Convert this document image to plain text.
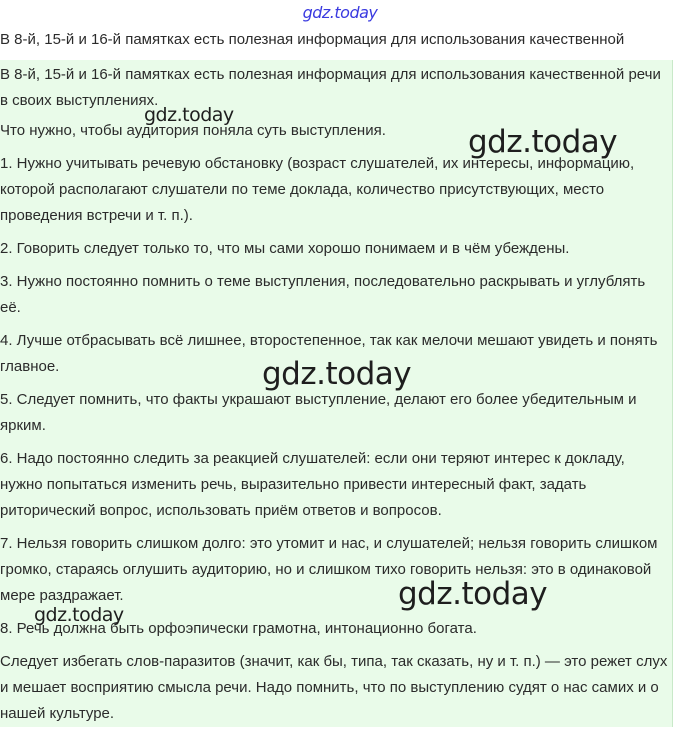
gdz.today
В 8-й, 15-й и 16-й памятках есть полезная информация для использования качественной

В 8-й, 15-й и 16-й памятках есть полезная информация для использования качественной речи в своих выступлениях.

Что нужно, чтобы аудитория поняла суть выступления.

1. Нужно учитывать речевую обстановку (возраст слушателей, их интересы, информацию, которой располагают слушатели по теме доклада, количество присутствующих, место проведения встречи и т. п.).

2. Говорить следует только то, что мы сами хорошо понимаем и в чём убеждены.

3. Нужно постоянно помнить о теме выступления, последовательно раскрывать и углублять её.

4. Лучше отбрасывать всё лишнее, второстепенное, так как мелочи мешают увидеть и понять главное.

5. Следует помнить, что факты украшают выступление, делают его более убедительным и ярким.

6. Надо постоянно следить за реакцией слушателей: если они теряют интерес к докладу, нужно попытаться изменить речь, выразительно привести интересный факт, задать риторический вопрос, использовать приём ответов и вопросов.

7. Нельзя говорить слишком долго: это утомит и нас, и слушателей; нельзя говорить слишком громко, стараясь оглушить аудиторию, но и слишком тихо говорить нельзя: это в одинаковой мере раздражает.

8. Речь должна быть орфоэпически грамотна, интонационно богата.

Следует избегать слов-паразитов (значит, как бы, типа, так сказать, ну и т. п.) — это режет слух и мешает восприятию смысла речи. Надо помнить, что по выступлению судят о нас самих и о нашей культуре.

gdz.today
gdz.today
gdz.today
gdz.today
gdz.today
